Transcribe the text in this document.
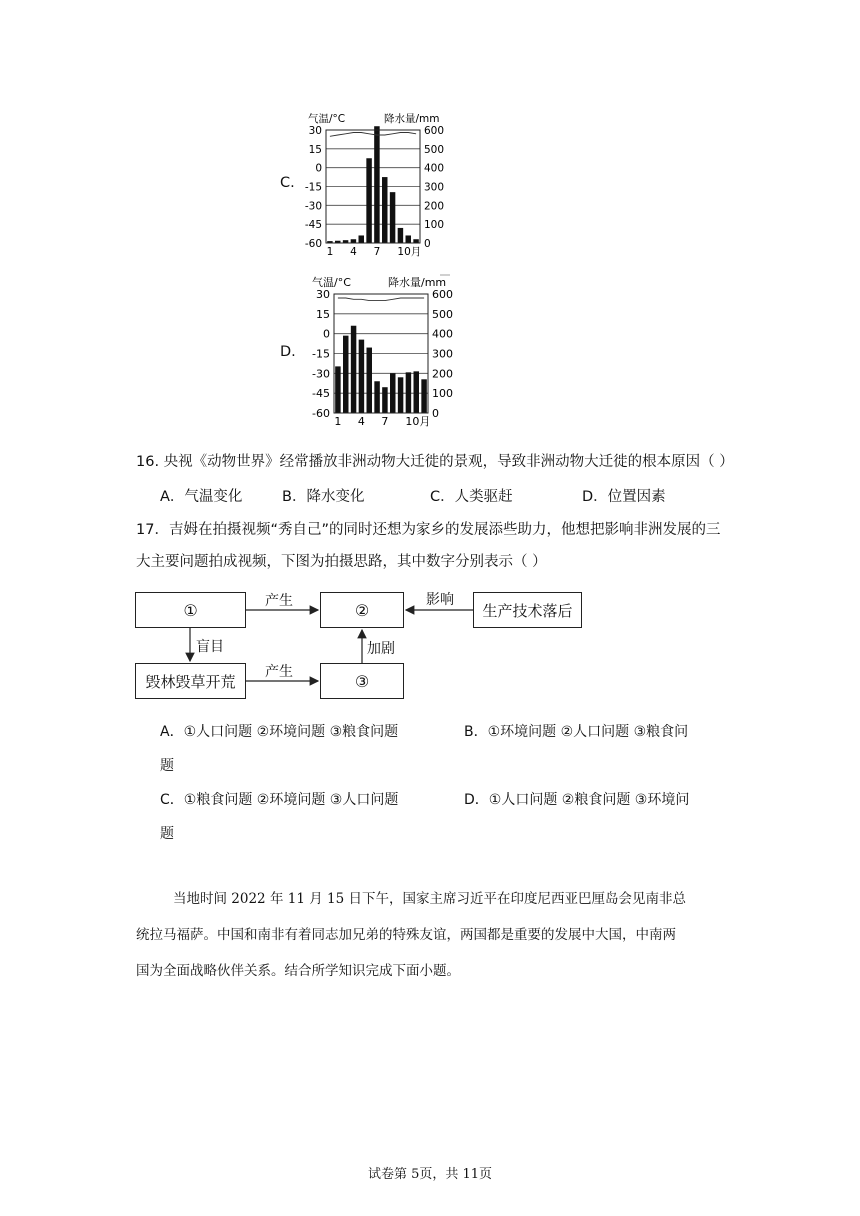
C.
气温/°C	降水量/mm
30
15
0
-15
-30
-45
-60
600
500
400
300
200
100
0
1 4 7 10月
D.
气温/°C	降水量/mm
30
15
0
-15
-30
-45
-60
600
500
400
300
200
100
0
1 4 7 10月
16. 央视《动物世界》经常播放非洲动物大迁徙的景观，导致非洲动物大迁徙的根本原因（ ）
A．气温变化	B．降水变化	C．人类驱赶	D．位置因素
17．吉姆在拍摄视频“秀自己”的同时还想为家乡的发展添些助力，他想把影响非洲发展的三
大主要问题拍成视频，下图为拍摄思路，其中数字分别表示（ ）
①	②	生产技术落后
毁林毁草开荒	③
产生	影响
盲目
产生
加剧
A．①人口问题 ②环境问题 ③粮食问题	B．①环境问题 ②人口问题 ③粮食问
题
C．①粮食问题 ②环境问题 ③人口问题	D．①人口问题 ②粮食问题 ③环境问
题
当地时间 2022 年 11 月 15 日下午，国家主席习近平在印度尼西亚巴厘岛会见南非总
统拉马福萨。中国和南非有着同志加兄弟的特殊友谊，两国都是重要的发展中大国，中南两
国为全面战略伙伴关系。结合所学知识完成下面小题。
试卷第 5页，共 11页
